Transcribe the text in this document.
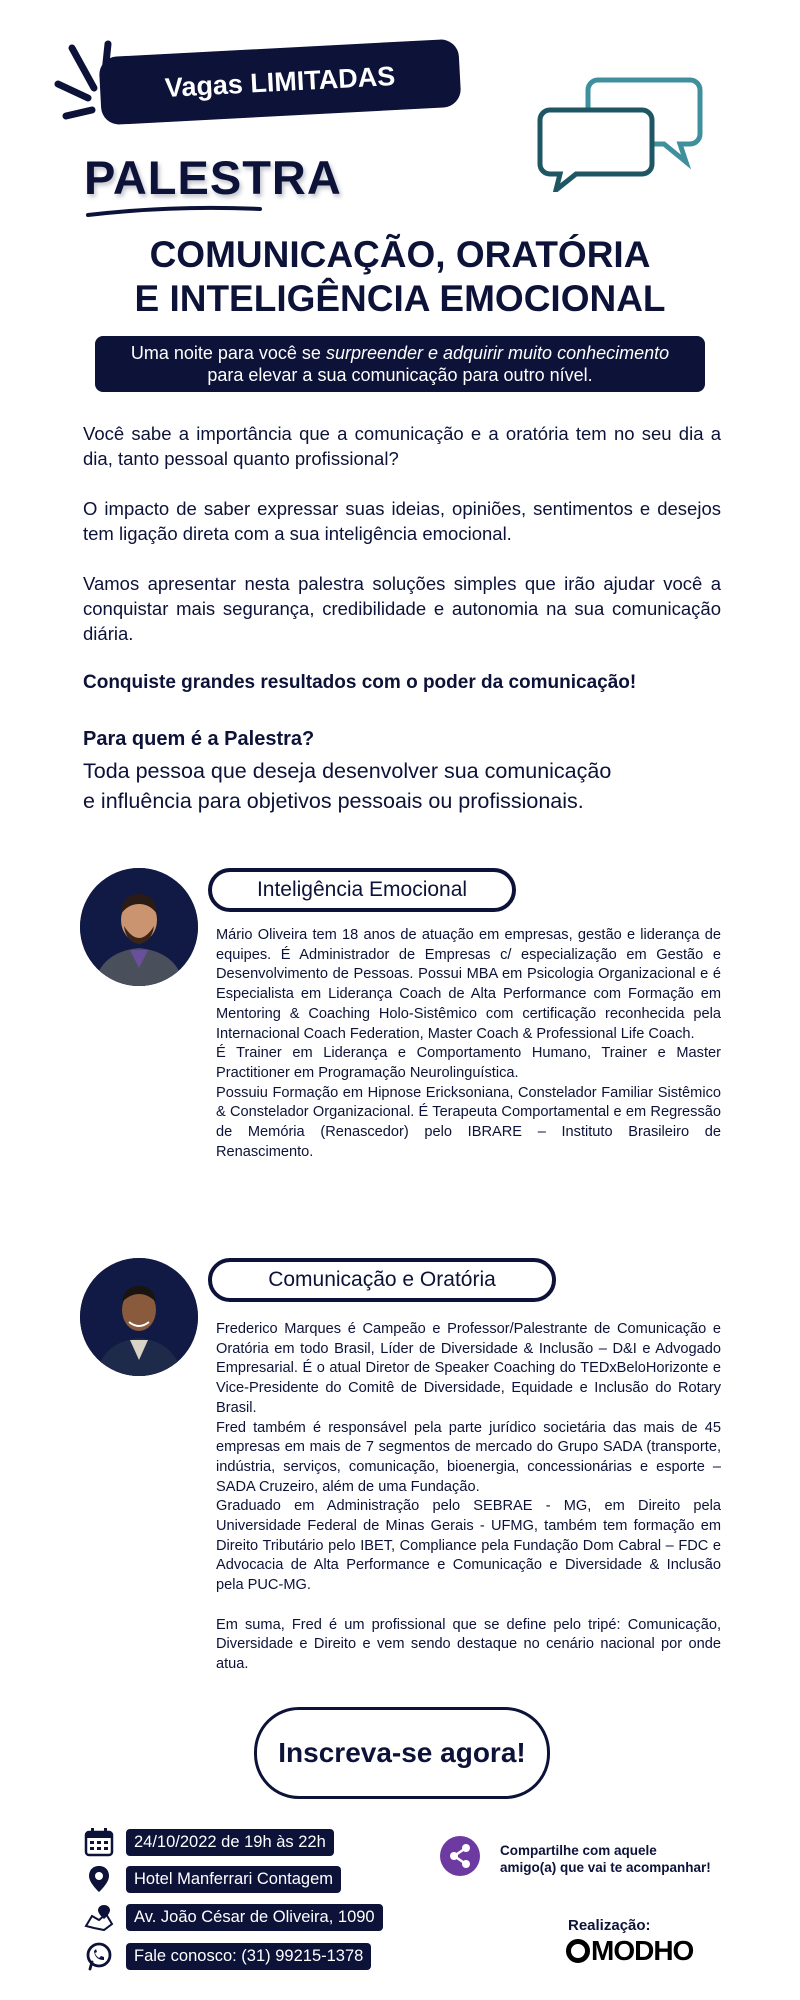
Vagas LIMITADAS
PALESTRA
COMUNICAÇÃO, ORATÓRIA
E INTELIGÊNCIA EMOCIONAL
Uma noite para você se surpreender e adquirir muito conhecimento para elevar a sua comunicação para outro nível.
Você sabe a importância que a comunicação e a oratória tem no seu dia a dia, tanto pessoal quanto profissional?
O impacto de saber expressar suas ideias, opiniões, sentimentos e desejos tem ligação direta com a sua inteligência emocional.
Vamos apresentar nesta palestra soluções simples que irão ajudar você a conquistar mais segurança, credibilidade e autonomia na sua comunicação diária.
Conquiste grandes resultados com o poder da comunicação!
Para quem é a Palestra?
Toda pessoa que deseja desenvolver sua comunicação
e influência para objetivos pessoais ou profissionais.
Inteligência Emocional
Mário Oliveira tem 18 anos de atuação em empresas, gestão e liderança de equipes. É Administrador de Empresas c/ especialização em Gestão e Desenvolvimento de Pessoas. Possui MBA em Psicologia Organizacional e é Especialista em Liderança Coach de Alta Performance com Formação em Mentoring & Coaching Holo-Sistêmico com certificação reconhecida pela Internacional Coach Federation, Master Coach & Professional Life Coach.
É Trainer em Liderança e Comportamento Humano, Trainer e Master Practitioner em Programação Neurolinguística.
Possuiu Formação em Hipnose Ericksoniana, Constelador Familiar Sistêmico & Constelador Organizacional. É Terapeuta Comportamental e em Regressão de Memória (Renascedor) pelo IBRARE – Instituto Brasileiro de Renascimento.
Comunicação e Oratória
Frederico Marques é Campeão e Professor/Palestrante de Comunicação e Oratória em todo Brasil, Líder de Diversidade & Inclusão – D&I e Advogado Empresarial. É o atual Diretor de Speaker Coaching do TEDxBeloHorizonte e Vice-Presidente do Comitê de Diversidade, Equidade e Inclusão do Rotary Brasil.
Fred também é responsável pela parte jurídico societária das mais de 45 empresas em mais de 7 segmentos de mercado do Grupo SADA (transporte, indústria, serviços, comunicação, bioenergia, concessionárias e esporte – SADA Cruzeiro, além de uma Fundação.
Graduado em Administração pelo SEBRAE - MG, em Direito pela Universidade Federal de Minas Gerais - UFMG, também tem formação em Direito Tributário pelo IBET, Compliance pela Fundação Dom Cabral – FDC e Advocacia de Alta Performance e Comunicação e Diversidade & Inclusão pela PUC-MG.

Em suma, Fred é um profissional que se define pelo tripé: Comunicação, Diversidade e Direito e vem sendo destaque no cenário nacional por onde atua.
Inscreva-se agora!
24/10/2022 de 19h às 22h
Hotel Manferrari Contagem
Av. João César de Oliveira, 1090
Fale conosco: (31) 99215-1378
Compartilhe com aquele
amigo(a) que vai te acompanhar!
Realização:
MODHO
